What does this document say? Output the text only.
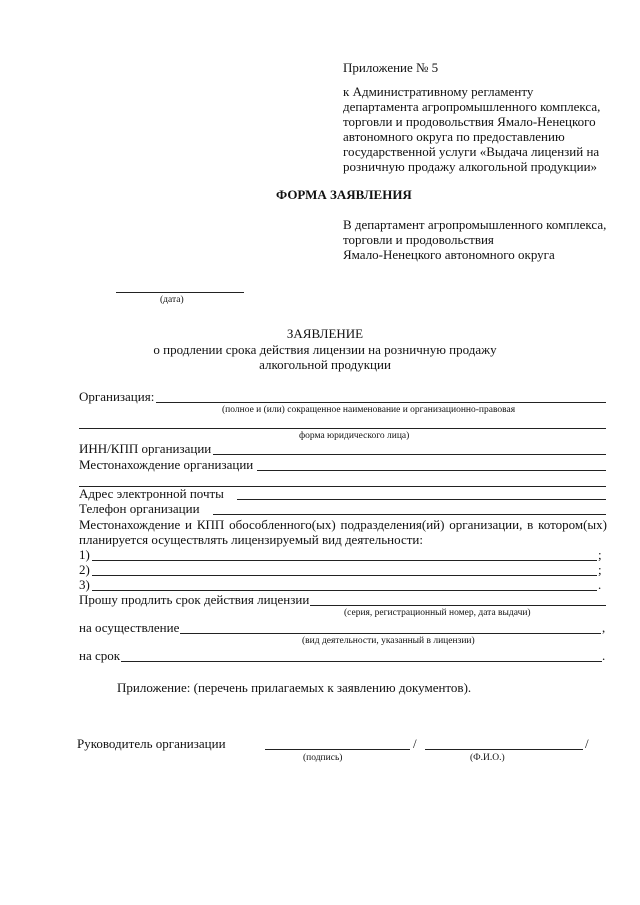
Приложение № 5
к Административному регламенту
департамента агропромышленного комплекса,
торговли и продовольствия Ямало-Ненецкого
автономного округа по предоставлению
государственной услуги «Выдача лицензий на
розничную продажу алкогольной продукции»
ФОРМА ЗАЯВЛЕНИЯ
В департамент агропромышленного комплекса,
торговли и продовольствия
Ямало-Ненецкого автономного округа
(дата)
ЗАЯВЛЕНИЕ
о продлении срока действия лицензии на розничную продажу
алкогольной продукции
Организация:
(полное и (или) сокращенное наименование и организационно-правовая
форма юридического лица)
ИНН/КПП организации
Местонахождение организации
Адрес электронной почты
Телефон организации
Местонахождение и КПП обособленного(ых) подразделения(ий) организации, в котором(ых)
планируется осуществлять лицензируемый вид деятельности:
1)	;
2)	;
3)	.
Прошу продлить срок действия лицензии
(серия, регистрационный номер, дата выдачи)
на осуществление	,
(вид деятельности, указанный в лицензии)
на срок	.
Приложение: (перечень прилагаемых к заявлению документов).
Руководитель организации	/	/
(подпись)	(Ф.И.О.)
